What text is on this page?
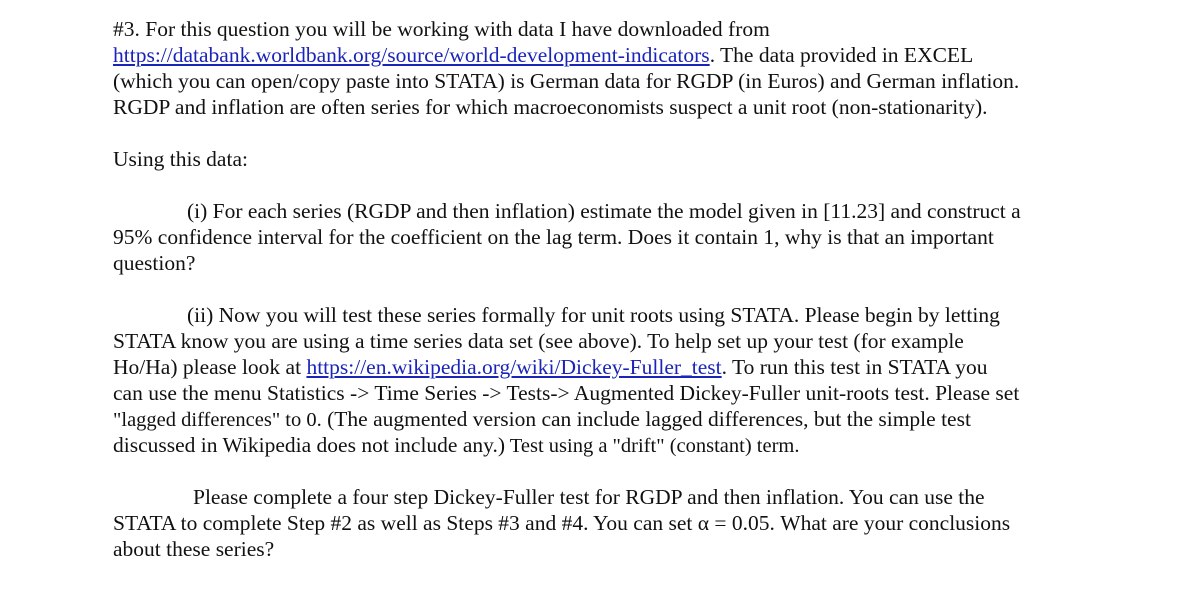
#3. For this question you will be working with data I have downloaded from
https://databank.worldbank.org/source/world-development-indicators. The data provided in EXCEL
(which you can open/copy paste into STATA) is German data for RGDP (in Euros) and German inflation.
RGDP and inflation are often series for which macroeconomists suspect a unit root (non-stationarity).
Using this data:
(i) For each series (RGDP and then inflation) estimate the model given in [11.23] and construct a
95% confidence interval for the coefficient on the lag term. Does it contain 1, why is that an important
question?
(ii) Now you will test these series formally for unit roots using STATA. Please begin by letting
STATA know you are using a time series data set (see above). To help set up your test (for example
Ho/Ha) please look at https://en.wikipedia.org/wiki/Dickey-Fuller_test. To run this test in STATA you
can use the menu Statistics -> Time Series -> Tests-> Augmented Dickey-Fuller unit-roots test. Please set
"lagged differences" to 0. (The augmented version can include lagged differences, but the simple test
discussed in Wikipedia does not include any.) Test using a "drift" (constant) term.
Please complete a four step Dickey-Fuller test for RGDP and then inflation. You can use the
STATA to complete Step #2 as well as Steps #3 and #4. You can set α = 0.05. What are your conclusions
about these series?
